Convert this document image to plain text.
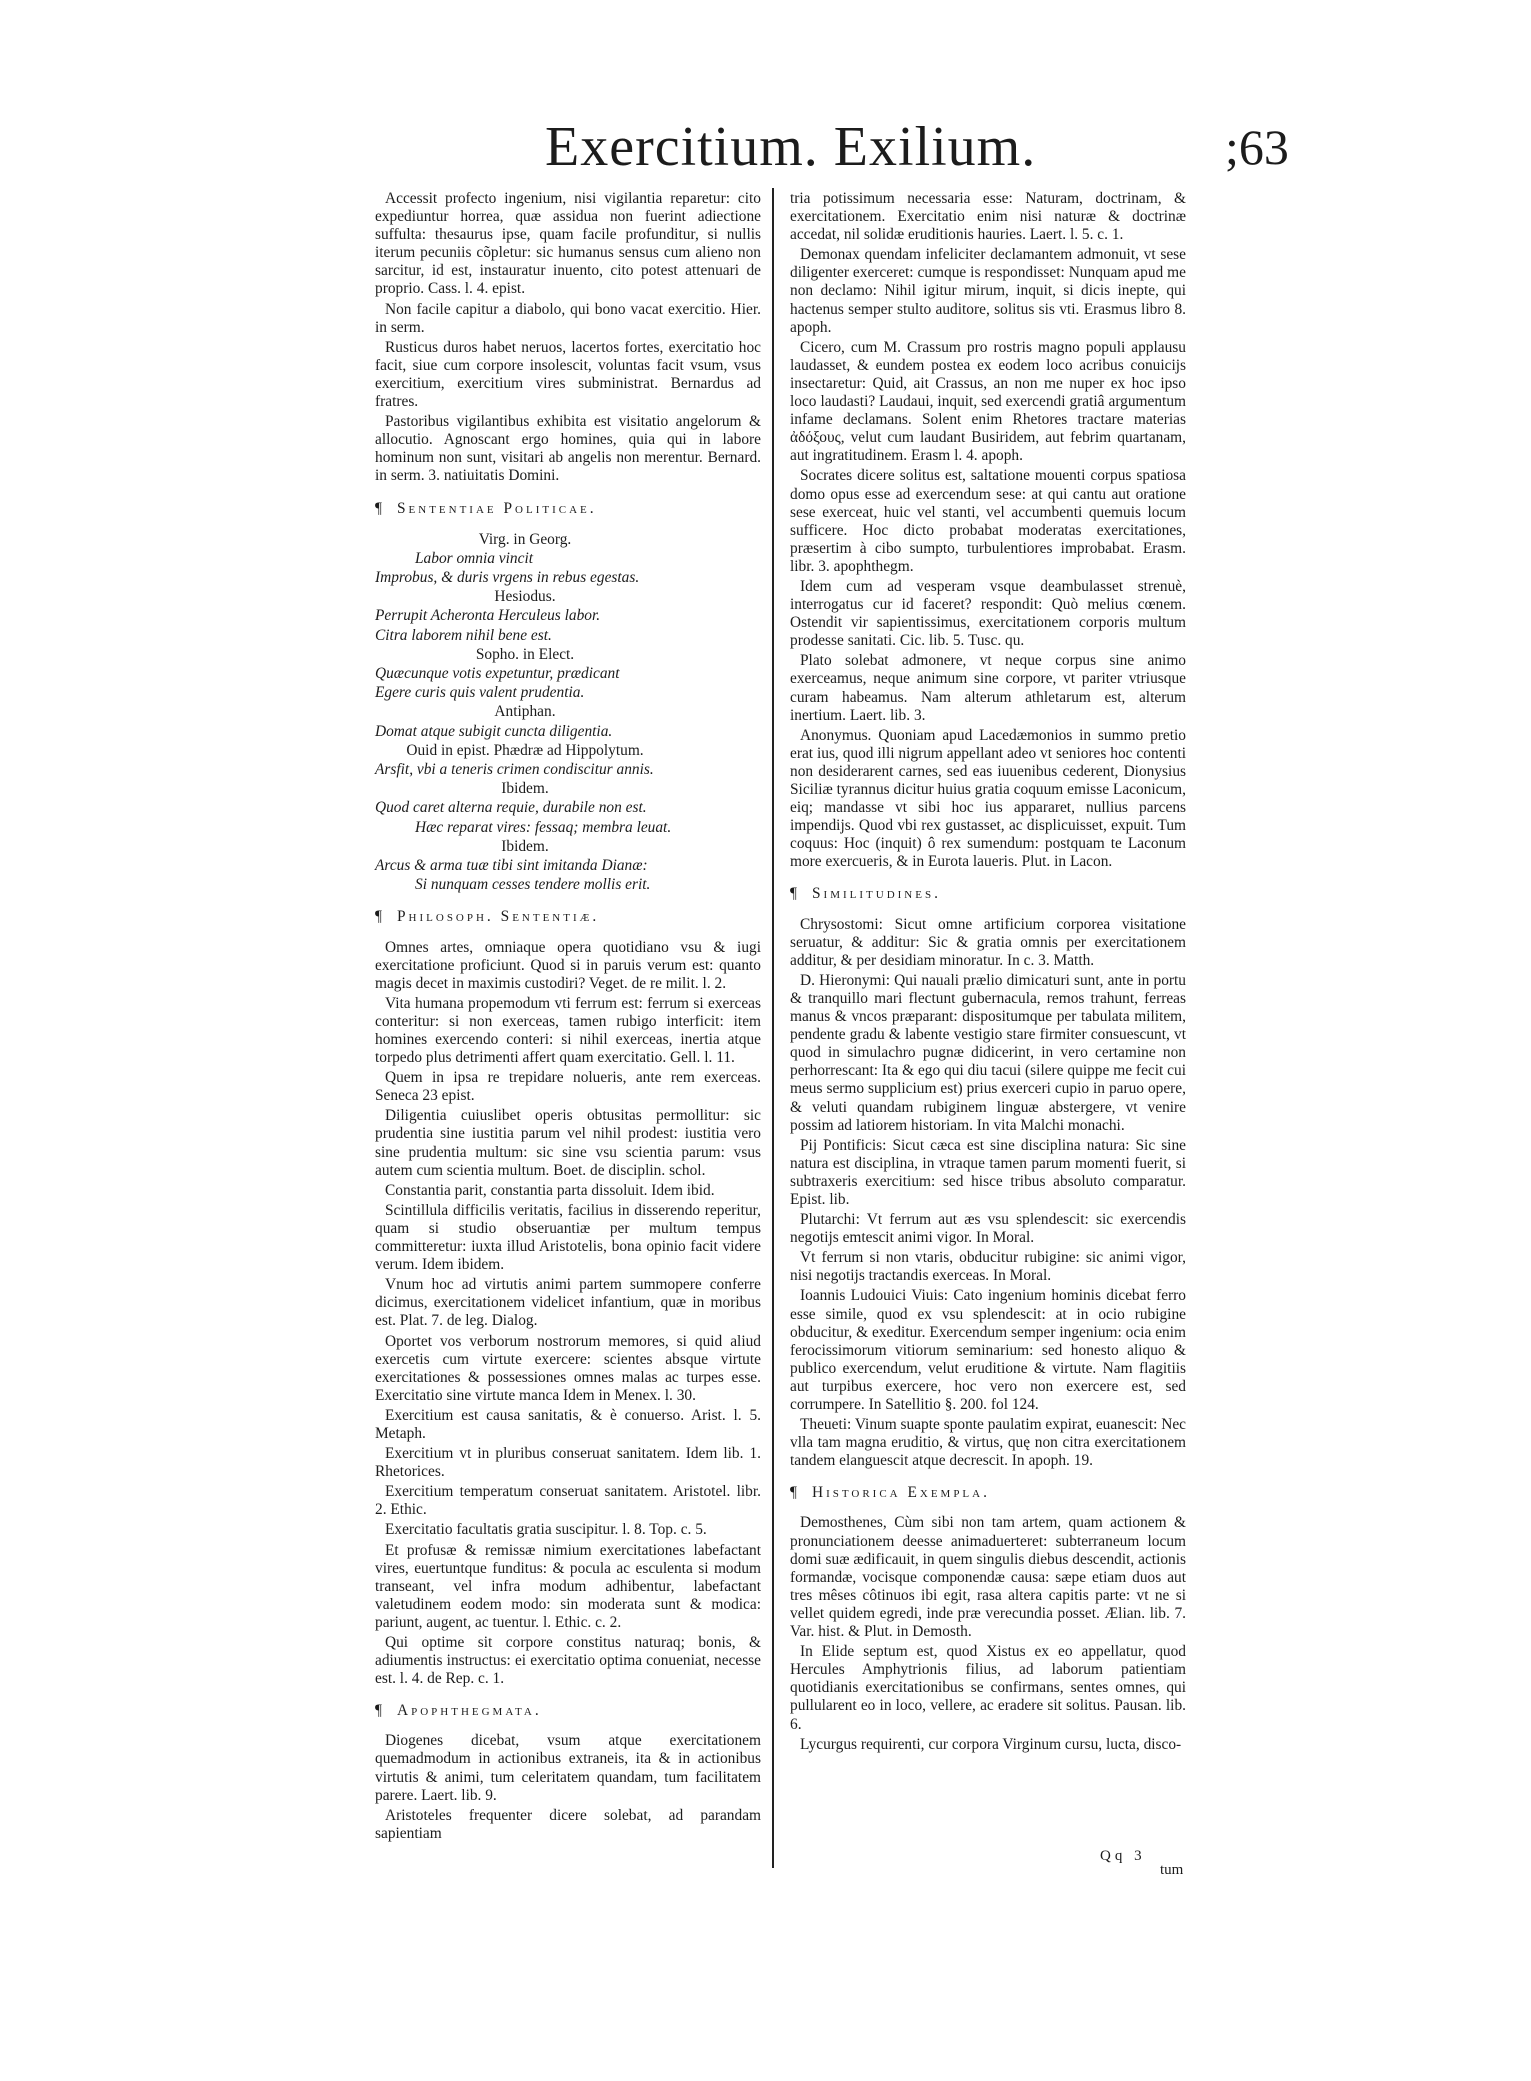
Exercitium. Exilium.	;63

Accessit profecto ingenium, nisi vigilantia reparetur: cito expediuntur horrea, quæ assidua non fuerint adiectione suffulta: thesaurus ipse, quam facile profunditur, si nullis iterum pecuniis cõpletur: sic humanus sensus cum alieno non sarcitur, id est, instauratur inuento, cito potest attenuari de proprio. Cass. l. 4. epist.

Non facile capitur a diabolo, qui bono vacat exercitio. Hier. in serm.

Rusticus duros habet neruos, lacertos fortes, exercitatio hoc facit, siue cum corpore insolescit, voluntas facit vsum, vsus exercitium, exercitium vires subministrat. Bernardus ad fratres.

Pastoribus vigilantibus exhibita est visitatio angelorum & allocutio. Agnoscant ergo homines, quia qui in labore hominum non sunt, visitari ab angelis non merentur. Bernard. in serm. 3. natiuitatis Domini.

¶ Sententiae Politicae.
Virg. in Georg.
Labor omnia vincit
Improbus, & duris vrgens in rebus egestas.
Hesiodus.
Perrupit Acheronta Herculeus labor.
Citra laborem nihil bene est.
Sopho. in Elect.
Quæcunque votis expetuntur, prædicant
Egere curis quis valent prudentia.
Antiphan.
Domat atque subigit cuncta diligentia.
Ouid in epist. Phædræ ad Hippolytum.
Arsfit, vbi a teneris crimen condiscitur annis.
Ibidem.
Quod caret alterna requie, durabile non est.
Hæc reparat vires: fessaq; membra leuat.
Ibidem.
Arcus & arma tuæ tibi sint imitanda Dianæ:
Si nunquam cesses tendere mollis erit.
¶ Philosoph. Sententiæ.

Omnes artes, omniaque opera quotidiano vsu & iugi exercitatione proficiunt. Quod si in paruis verum est: quanto magis decet in maximis custodiri? Veget. de re milit. l. 2.

Vita humana propemodum vti ferrum est: ferrum si exerceas conteritur: si non exerceas, tamen rubigo interficit: item homines exercendo conteri: si nihil exerceas, inertia atque torpedo plus detrimenti affert quam exercitatio. Gell. l. 11.

Quem in ipsa re trepidare nolueris, ante rem exerceas. Seneca 23 epist.

Diligentia cuiuslibet operis obtusitas permollitur: sic prudentia sine iustitia parum vel nihil prodest: iustitia vero sine prudentia multum: sic sine vsu scientia parum: vsus autem cum scientia multum. Boet. de disciplin. schol.

Constantia parit, constantia parta dissoluit. Idem ibid.

Scintillula difficilis veritatis, facilius in disserendo reperitur, quam si studio obseruantiæ per multum tempus committeretur: iuxta illud Aristotelis, bona opinio facit videre verum. Idem ibidem.

Vnum hoc ad virtutis animi partem summopere conferre dicimus, exercitationem videlicet infantium, quæ in moribus est. Plat. 7. de leg. Dialog.

Oportet vos verborum nostrorum memores, si quid aliud exercetis cum virtute exercere: scientes absque virtute exercitationes & possessiones omnes malas ac turpes esse. Exercitatio sine virtute manca Idem in Menex. l. 30.

Exercitium est causa sanitatis, & è conuerso. Arist. l. 5. Metaph.

Exercitium vt in pluribus conseruat sanitatem. Idem lib. 1. Rhetorices.

Exercitium temperatum conseruat sanitatem. Aristotel. libr. 2. Ethic.

Exercitatio facultatis gratia suscipitur. l. 8. Top. c. 5.

Et profusæ & remissæ nimium exercitationes labefactant vires, euertuntque funditus: & pocula ac esculenta si modum transeant, vel infra modum adhibentur, labefactant valetudinem eodem modo: sin moderata sunt & modica: pariunt, augent, ac tuentur. l. Ethic. c. 2.

Qui optime sit corpore constitus naturaq; bonis, & adiumentis instructus: ei exercitatio optima conueniat, necesse est. l. 4. de Rep. c. 1.

¶ Apophthegmata.

Diogenes dicebat, vsum atque exercitationem quemadmodum in actionibus extraneis, ita & in actionibus virtutis & animi, tum celeritatem quandam, tum facilitatem parere. Laert. lib. 9.

Aristoteles frequenter dicere solebat, ad parandam sapientiam

tria potissimum necessaria esse: Naturam, doctrinam, & exercitationem. Exercitatio enim nisi naturæ & doctrinæ accedat, nil solidæ eruditionis hauries. Laert. l. 5. c. 1.

Demonax quendam infeliciter declamantem admonuit, vt sese diligenter exerceret: cumque is respondisset: Nunquam apud me non declamo: Nihil igitur mirum, inquit, si dicis inepte, qui hactenus semper stulto auditore, solitus sis vti. Erasmus libro 8. apoph.

Cicero, cum M. Crassum pro rostris magno populi applausu laudasset, & eundem postea ex eodem loco acribus conuicijs insectaretur: Quid, ait Crassus, an non me nuper ex hoc ipso loco laudasti? Laudaui, inquit, sed exercendi gratiâ argumentum infame declamans. Solent enim Rhetores tractare materias ἀδόξους, velut cum laudant Busiridem, aut febrim quartanam, aut ingratitudinem. Erasm l. 4. apoph.

Socrates dicere solitus est, saltatione mouenti corpus spatiosa domo opus esse ad exercendum sese: at qui cantu aut oratione sese exerceat, huic vel stanti, vel accumbenti quemuis locum sufficere. Hoc dicto probabat moderatas exercitationes, præsertim à cibo sumpto, turbulentiores improbabat. Erasm. libr. 3. apophthegm.

Idem cum ad vesperam vsque deambulasset strenuè, interrogatus cur id faceret? respondit: Quò melius cœnem. Ostendit vir sapientissimus, exercitationem corporis multum prodesse sanitati. Cic. lib. 5. Tusc. qu.

Plato solebat admonere, vt neque corpus sine animo exerceamus, neque animum sine corpore, vt pariter vtriusque curam habeamus. Nam alterum athletarum est, alterum inertium. Laert. lib. 3.

Anonymus. Quoniam apud Lacedæmonios in summo pretio erat ius, quod illi nigrum appellant adeo vt seniores hoc contenti non desiderarent carnes, sed eas iuuenibus cederent, Dionysius Siciliæ tyrannus dicitur huius gratia coquum emisse Laconicum, eiq; mandasse vt sibi hoc ius appararet, nullius parcens impendijs. Quod vbi rex gustasset, ac displicuisset, expuit. Tum coquus: Hoc (inquit) ô rex sumendum: postquam te Laconum more exercueris, & in Eurota laueris. Plut. in Lacon.

¶ Similitudines.

Chrysostomi: Sicut omne artificium corporea visitatione seruatur, & additur: Sic & gratia omnis per exercitationem additur, & per desidiam minoratur. In c. 3. Matth.

D. Hieronymi: Qui nauali prælio dimicaturi sunt, ante in portu & tranquillo mari flectunt gubernacula, remos trahunt, ferreas manus & vncos præparant: dispositumque per tabulata militem, pendente gradu & labente vestigio stare firmiter consuescunt, vt quod in simulachro pugnæ didicerint, in vero certamine non perhorrescant: Ita & ego qui diu tacui (silere quippe me fecit cui meus sermo supplicium est) prius exerceri cupio in paruo opere, & veluti quandam rubiginem linguæ abstergere, vt venire possim ad latiorem historiam. In vita Malchi monachi.

Pij Pontificis: Sicut cæca est sine disciplina natura: Sic sine natura est disciplina, in vtraque tamen parum momenti fuerit, si subtraxeris exercitium: sed hisce tribus absoluto comparatur. Epist. lib.

Plutarchi: Vt ferrum aut æs vsu splendescit: sic exercendis negotijs emtescit animi vigor. In Moral.

Vt ferrum si non vtaris, obducitur rubigine: sic animi vigor, nisi negotijs tractandis exerceas. In Moral.

Ioannis Ludouici Viuis: Cato ingenium hominis dicebat ferro esse simile, quod ex vsu splendescit: at in ocio rubigine obducitur, & exeditur. Exercendum semper ingenium: ocia enim ferocissimorum vitiorum seminarium: sed honesto aliquo & publico exercendum, velut eruditione & virtute. Nam flagitiis aut turpibus exercere, hoc vero non exercere est, sed corrumpere. In Satellitio §. 200. fol 124.

Theueti: Vinum suapte sponte paulatim expirat, euanescit: Nec vlla tam magna eruditio, & virtus, quę non citra exercitationem tandem elanguescit atque decrescit. In apoph. 19.

¶ Historica Exempla.

Demosthenes, Cùm sibi non tam artem, quam actionem & pronunciationem deesse animaduerteret: subterraneum locum domi suæ ædificauit, in quem singulis diebus descendit, actionis formandæ, vocisque componendæ causa: sæpe etiam duos aut tres mêses côtinuos ibi egit, rasa altera capitis parte: vt ne si vellet quidem egredi, inde præ verecundia posset. Ælian. lib. 7. Var. hist. & Plut. in Demosth.

In Elide septum est, quod Xistus ex eo appellatur, quod Hercules Amphytrionis filius, ad laborum patientiam quotidianis exercitationibus se confirmans, sentes omnes, qui pullularent eo in loco, vellere, ac eradere sit solitus. Pausan. lib. 6.

Lycurgus requirenti, cur corpora Virginum cursu, lucta, disco-

Qq 3
tum
